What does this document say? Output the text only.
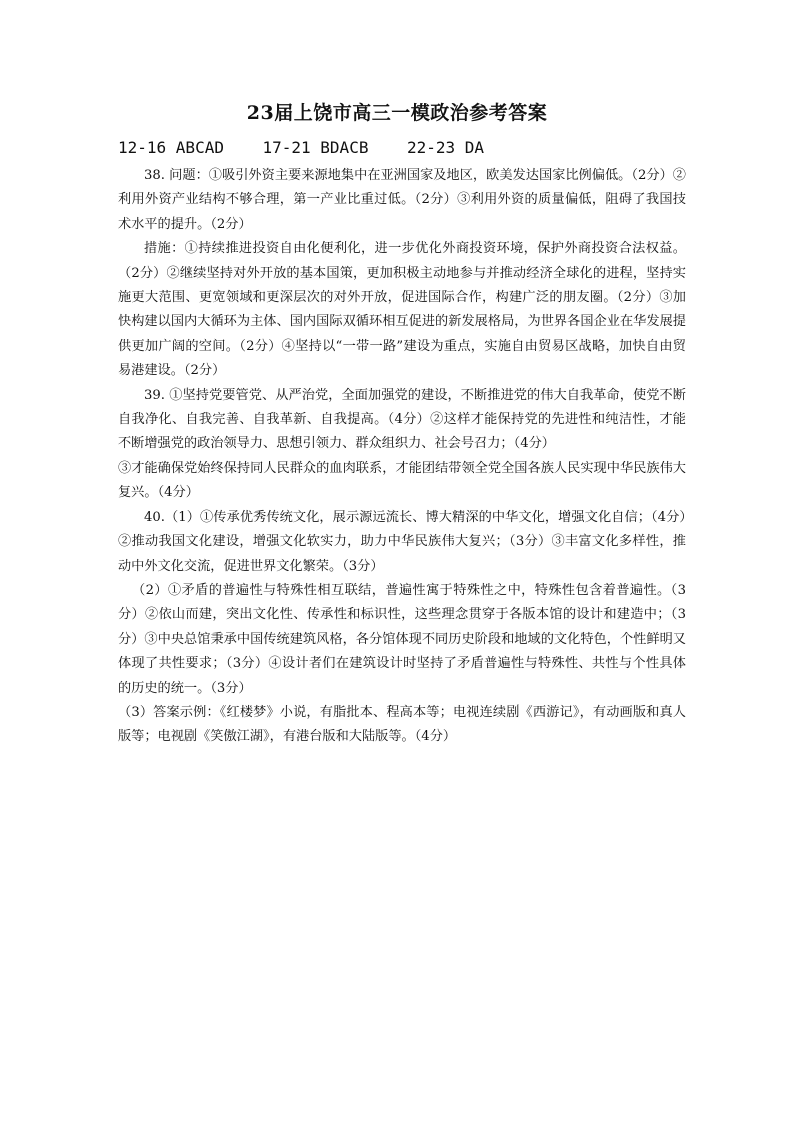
23届上饶市高三一模政治参考答案
12-16 ABCAD    17-21 BDACB    22-23 DA

38. 问题：①吸引外资主要来源地集中在亚洲国家及地区，欧美发达国家比例偏低。（2分）②利用外资产业结构不够合理，第一产业比重过低。（2分）③利用外资的质量偏低，阻碍了我国技术水平的提升。（2分）

措施：①持续推进投资自由化便利化，进一步优化外商投资环境，保护外商投资合法权益。（2分）②继续坚持对外开放的基本国策，更加积极主动地参与并推动经济全球化的进程，坚持实施更大范围、更宽领域和更深层次的对外开放，促进国际合作，构建广泛的朋友圈。（2分）③加快构建以国内大循环为主体、国内国际双循环相互促进的新发展格局，为世界各国企业在华发展提供更加广阔的空间。（2分）④坚持以“一带一路”建设为重点，实施自由贸易区战略，加快自由贸易港建设。（2分）

39. ①坚持党要管党、从严治党，全面加强党的建设，不断推进党的伟大自我革命，使党不断自我净化、自我完善、自我革新、自我提高。（4分）②这样才能保持党的先进性和纯洁性，才能不断增强党的政治领导力、思想引领力、群众组织力、社会号召力；（4分）

③才能确保党始终保持同人民群众的血肉联系，才能团结带领全党全国各族人民实现中华民族伟大复兴。（4分）

40.（1）①传承优秀传统文化，展示源远流长、博大精深的中华文化，增强文化自信；（4分）②推动我国文化建设，增强文化软实力，助力中华民族伟大复兴；（3分）③丰富文化多样性，推动中外文化交流，促进世界文化繁荣。（3分）

（2）①矛盾的普遍性与特殊性相互联结，普遍性寓于特殊性之中，特殊性包含着普遍性。（3分）②依山而建，突出文化性、传承性和标识性，这些理念贯穿于各版本馆的设计和建造中；（3分）③中央总馆秉承中国传统建筑风格，各分馆体现不同历史阶段和地域的文化特色，个性鲜明又体现了共性要求；（3分）④设计者们在建筑设计时坚持了矛盾普遍性与特殊性、共性与个性具体的历史的统一。（3分）

（3）答案示例：《红楼梦》小说，有脂批本、程高本等；电视连续剧《西游记》，有动画版和真人版等；电视剧《笑傲江湖》，有港台版和大陆版等。（4分）
